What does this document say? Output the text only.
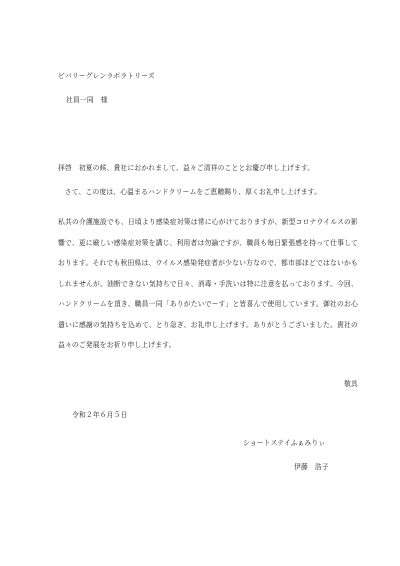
ビバリーグレンラボラトリーズ
社員一同　様

拝啓　初夏の候、貴社におかれまして、益々ご清祥のこととお慶び申し上げます。

さて、この度は、心温まるハンドクリームをご恵贈賜り、厚くお礼申し上げます。

私共の介護施設でも、日頃より感染症対策は常に心がけておりますが、新型コロナウイルスの影響で、更に厳しい感染症対策を講じ、利用者は勿論ですが、職員も毎日緊張感を持って仕事しております。それでも秋田県は、ウイルス感染発症者が少ない方なので、都市部ほどではないかもしれませんが、油断できない気持ちで日々、消毒・手洗いは特に注意を払っております。今回、ハンドクリームを頂き、職員一同「ありがたいでーす」と皆喜んで使用しています。御社のお心遣いに感謝の気持ちを込めて、とり急ぎ、お礼申し上げます。ありがとうございました。貴社の益々のご発展をお祈り申し上げます。

敬具
令和２年６月５日
ショートステイふぁみりぃ
伊藤　浩子
